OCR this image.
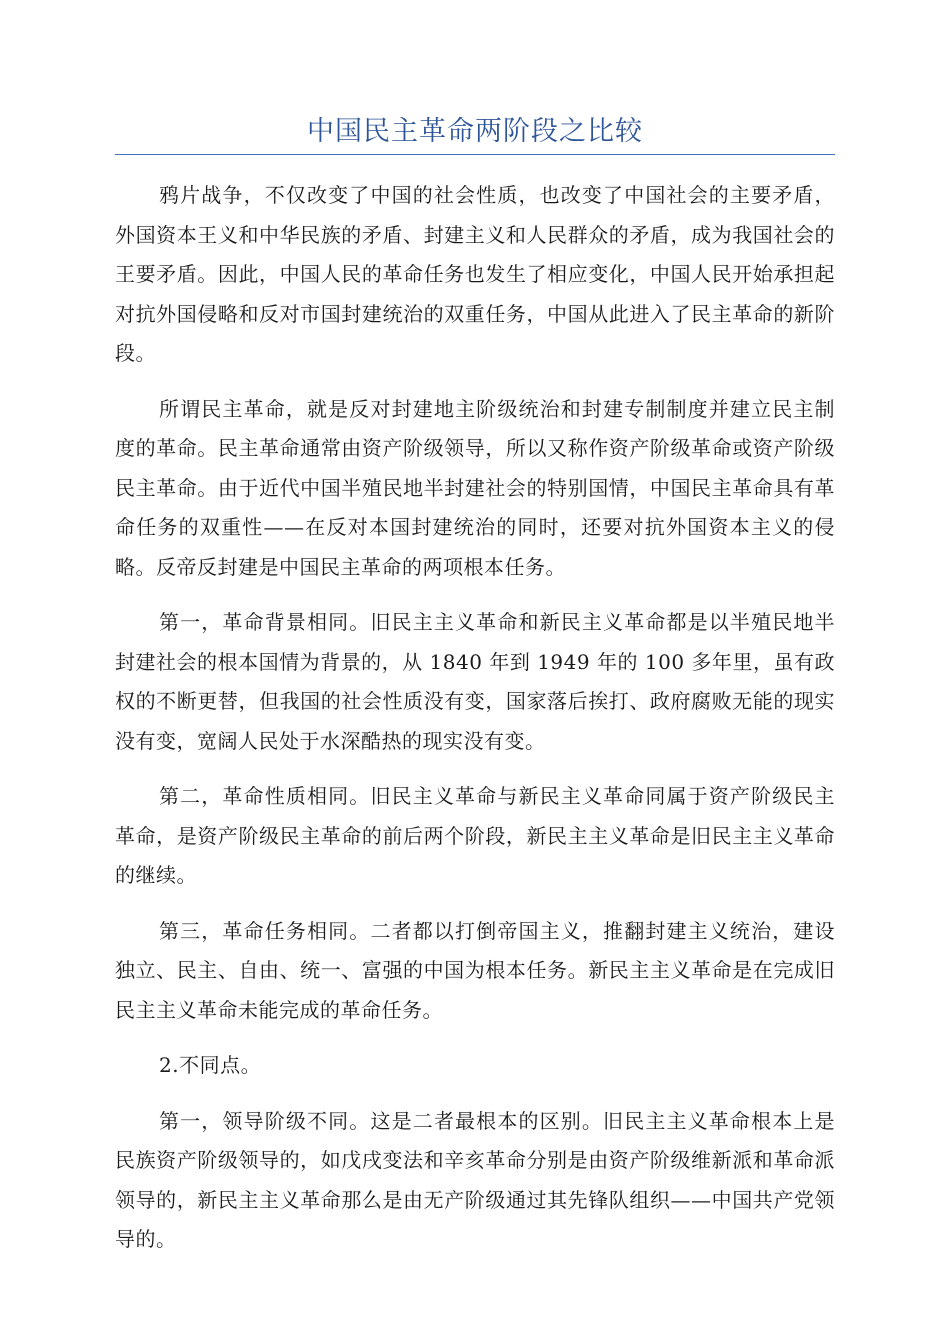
中国民主革命两阶段之比较

鸦片战争，不仅改变了中国的社会性质，也改变了中国社会的主要矛盾，外国资本王义和中华民族的矛盾、封建主义和人民群众的矛盾，成为我国社会的王要矛盾。因此，中国人民的革命任务也发生了相应变化，中国人民开始承担起对抗外国侵略和反对市国封建统治的双重任务，中国从此进入了民主革命的新阶段。

所谓民主革命，就是反对封建地主阶级统治和封建专制制度并建立民主制度的革命。民主革命通常由资产阶级领导，所以又称作资产阶级革命或资产阶级民主革命。由于近代中国半殖民地半封建社会的特别国情，中国民主革命具有革命任务的双重性——在反对本国封建统治的同时，还要对抗外国资本主义的侵略。反帝反封建是中国民主革命的两项根本任务。

第一，革命背景相同。旧民主主义革命和新民主义革命都是以半殖民地半封建社会的根本国情为背景的，从 1840 年到 1949 年的 100 多年里，虽有政权的不断更替，但我国的社会性质没有变，国家落后挨打、政府腐败无能的现实没有变，宽阔人民处于水深酷热的现实没有变。

第二，革命性质相同。旧民主义革命与新民主义革命同属于资产阶级民主革命，是资产阶级民主革命的前后两个阶段，新民主主义革命是旧民主主义革命的继续。

第三，革命任务相同。二者都以打倒帝国主义，推翻封建主义统治，建设独立、民主、自由、统一、富强的中国为根本任务。新民主主义革命是在完成旧民主主义革命未能完成的革命任务。

2.不同点。

第一，领导阶级不同。这是二者最根本的区别。旧民主主义革命根本上是民族资产阶级领导的，如戊戌变法和辛亥革命分别是由资产阶级维新派和革命派领导的，新民主主义革命那么是由无产阶级通过其先锋队组织——中国共产党领导的。
